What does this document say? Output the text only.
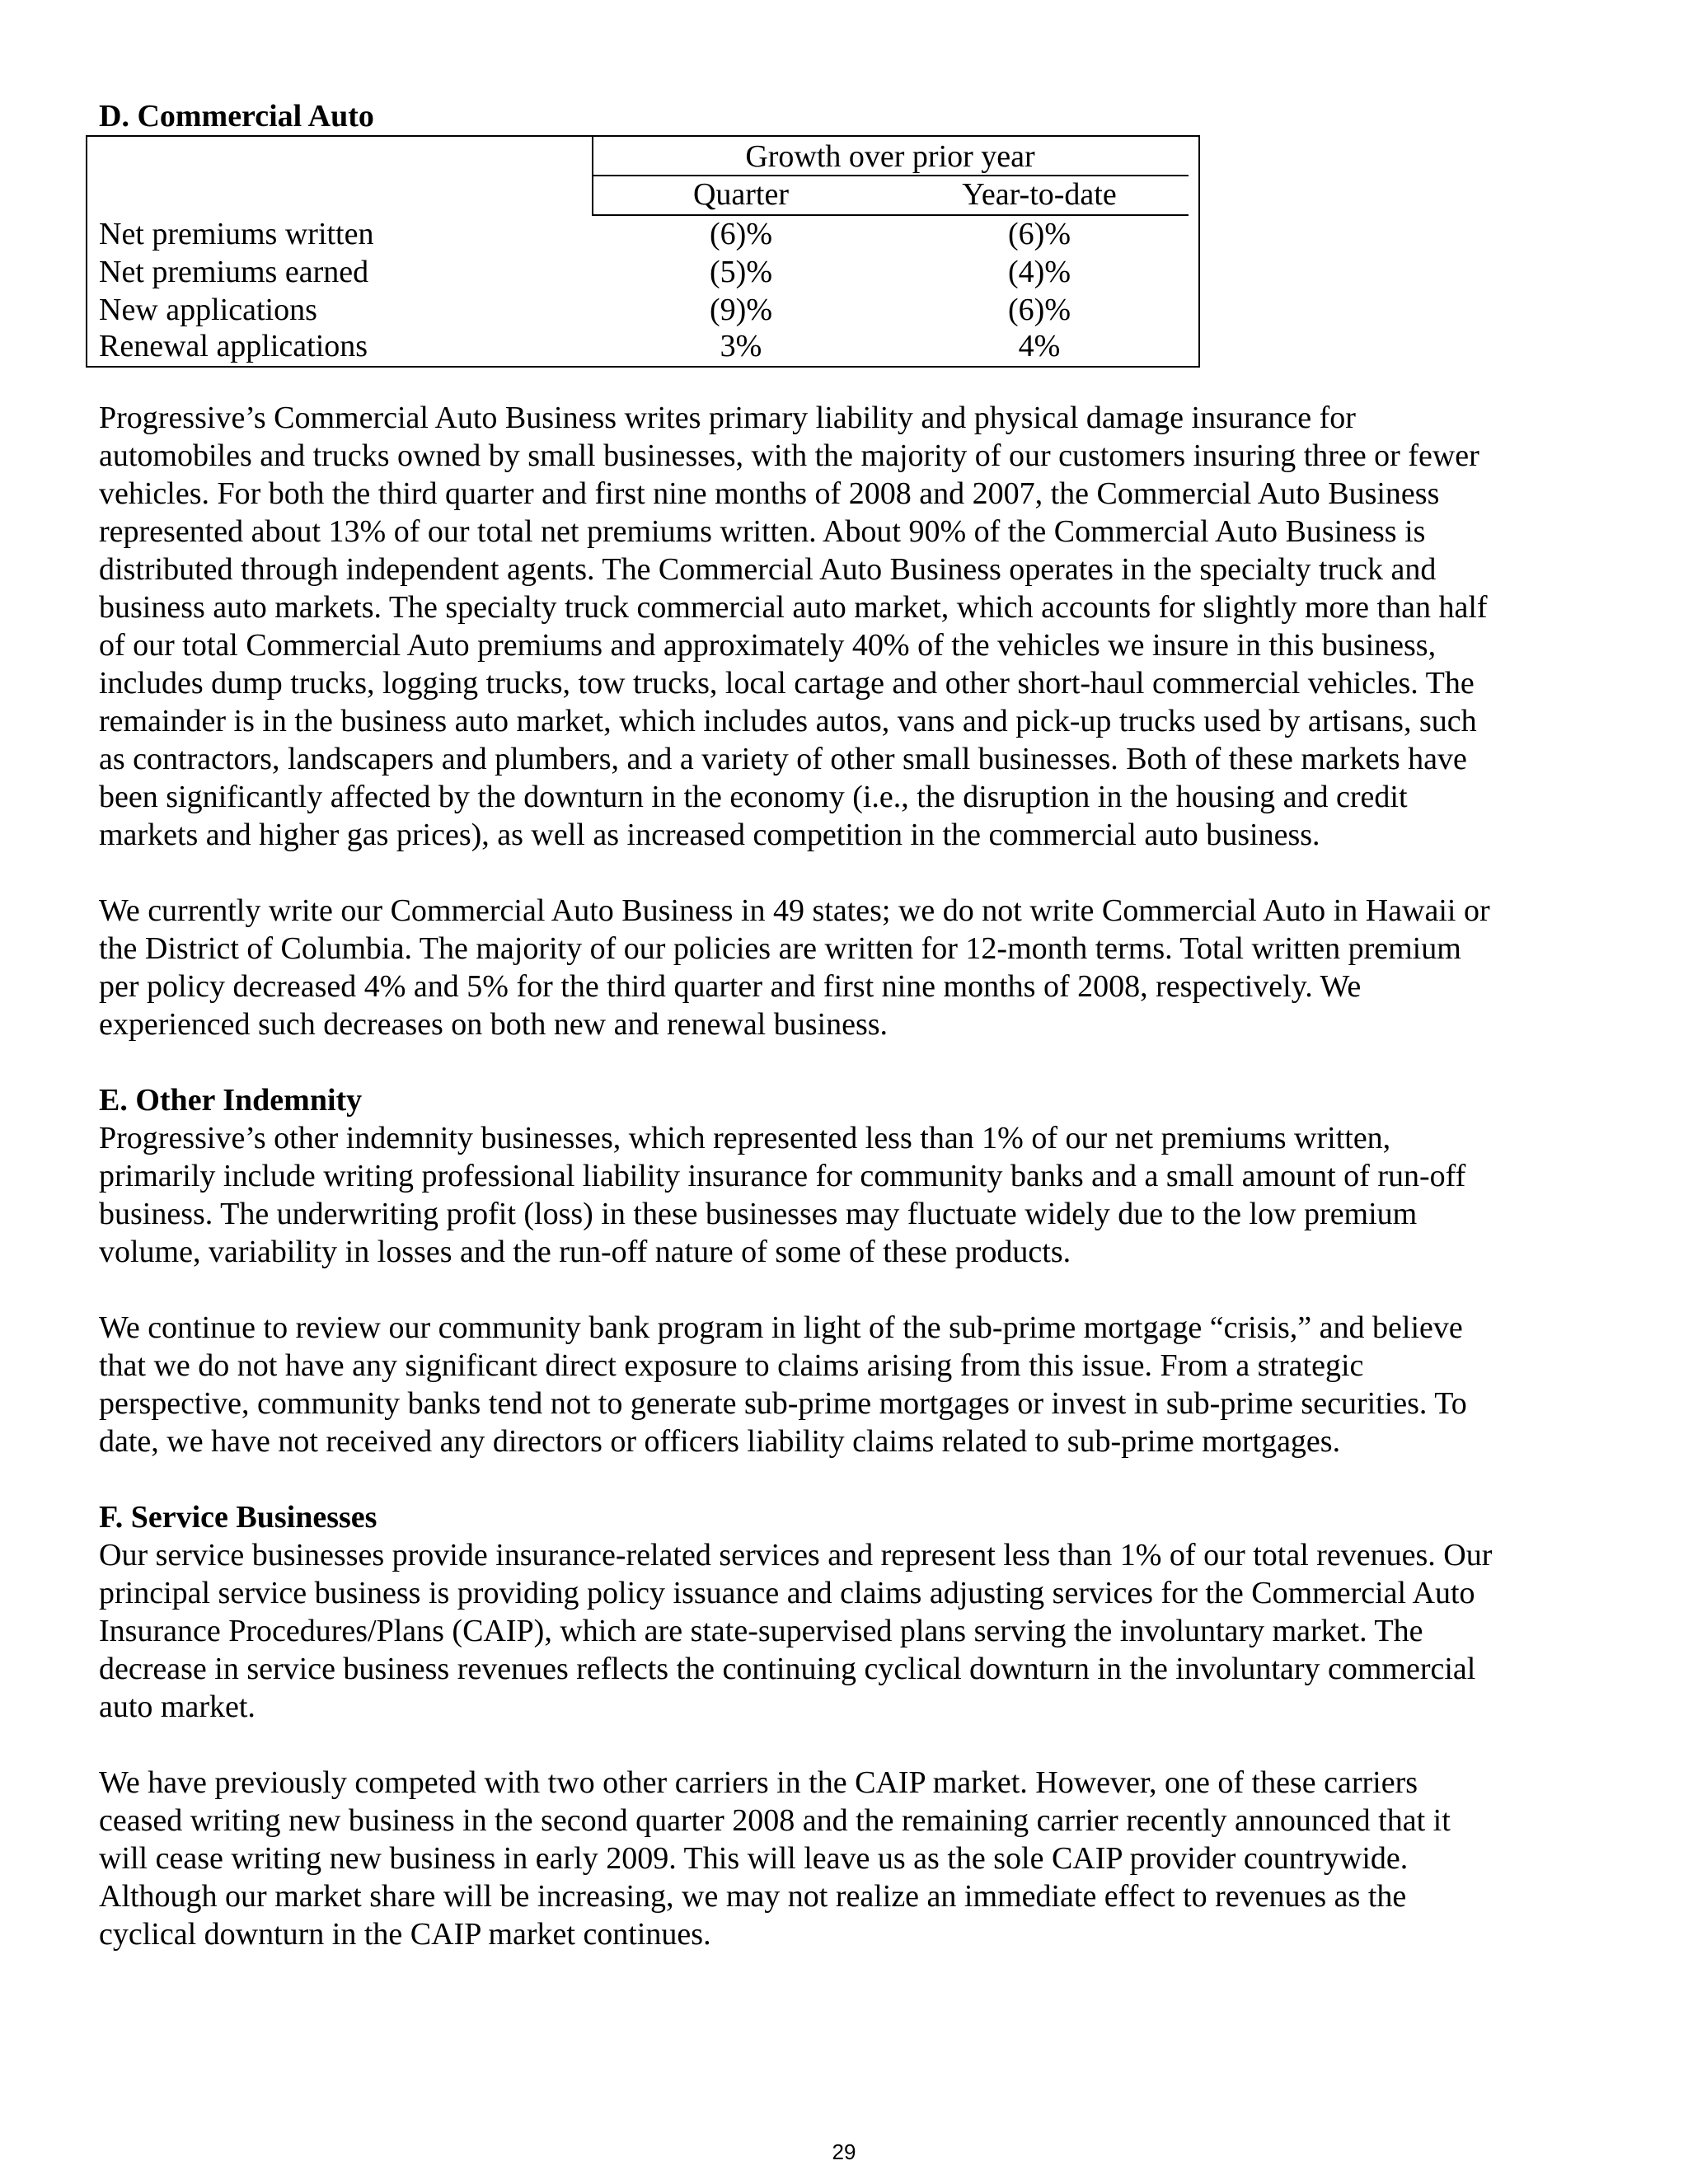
D. Commercial Auto
Growth over prior year
Quarter	Year-to-date
Net premiums written	(6)%	(6)%
Net premiums earned	(5)%	(4)%
New applications	(9)%	(6)%
Renewal applications	3%	4%

Progressive’s Commercial Auto Business writes primary liability and physical damage insurance for automobiles and trucks owned by small businesses, with the majority of our customers insuring three or fewer vehicles. For both the third quarter and first nine months of 2008 and 2007, the Commercial Auto Business represented about 13% of our total net premiums written. About 90% of the Commercial Auto Business is distributed through independent agents. The Commercial Auto Business operates in the specialty truck and business auto markets. The specialty truck commercial auto market, which accounts for slightly more than half of our total Commercial Auto premiums and approximately 40% of the vehicles we insure in this business, includes dump trucks, logging trucks, tow trucks, local cartage and other short-haul commercial vehicles. The remainder is in the business auto market, which includes autos, vans and pick-up trucks used by artisans, such as contractors, landscapers and plumbers, and a variety of other small businesses. Both of these markets have been significantly affected by the downturn in the economy (i.e., the disruption in the housing and credit markets and higher gas prices), as well as increased competition in the commercial auto business.

We currently write our Commercial Auto Business in 49 states; we do not write Commercial Auto in Hawaii or the District of Columbia. The majority of our policies are written for 12-month terms. Total written premium per policy decreased 4% and 5% for the third quarter and first nine months of 2008, respectively. We experienced such decreases on both new and renewal business.

E. Other Indemnity

Progressive’s other indemnity businesses, which represented less than 1% of our net premiums written, primarily include writing professional liability insurance for community banks and a small amount of run-off business. The underwriting profit (loss) in these businesses may fluctuate widely due to the low premium volume, variability in losses and the run-off nature of some of these products.

We continue to review our community bank program in light of the sub-prime mortgage “crisis,” and believe that we do not have any significant direct exposure to claims arising from this issue. From a strategic perspective, community banks tend not to generate sub-prime mortgages or invest in sub-prime securities. To date, we have not received any directors or officers liability claims related to sub-prime mortgages.

F. Service Businesses

Our service businesses provide insurance-related services and represent less than 1% of our total revenues. Our principal service business is providing policy issuance and claims adjusting services for the Commercial Auto Insurance Procedures/Plans (CAIP), which are state-supervised plans serving the involuntary market. The decrease in service business revenues reflects the continuing cyclical downturn in the involuntary commercial auto market.

We have previously competed with two other carriers in the CAIP market. However, one of these carriers ceased writing new business in the second quarter 2008 and the remaining carrier recently announced that it will cease writing new business in early 2009. This will leave us as the sole CAIP provider countrywide. Although our market share will be increasing, we may not realize an immediate effect to revenues as the cyclical downturn in the CAIP market continues.

29
